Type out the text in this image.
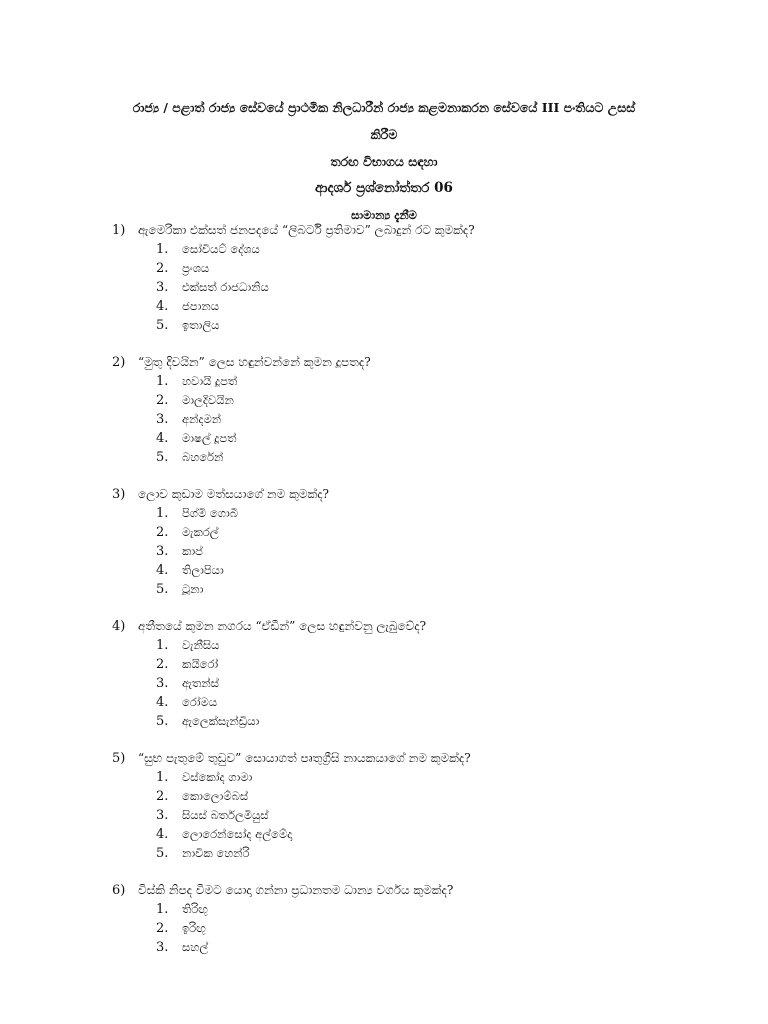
රාජ්‍ය / පළාත් රාජ්‍ය සේවයේ ප්‍රාථමික නිලධාරීන් රාජ්‍ය කළමනාකරන සේවයේ III පංතියට උසස්
කිරීම
තරඟ විභාගය සඳහා
ආදර්ශ ප්‍රශ්නෝත්තර 06
සාමාන්‍ය දැනීම
1)	ඇමෙරිකා එක්සත් ජනපදයේ “ලිබර්ටි ප්‍රතිමාව” ලබාදුන් රට කුමක්ද?
1.	සෝවියට් දේශය
2.	ප්‍රංශය
3.	එක්සත් රාජධානිය
4.	ජපානය
5.	ඉතාලිය
2)	“මුතු දිවයින” ලෙස හඳුන්වන්නේ කුමන දූපතද?
1.	හවායි දූපත්
2.	මාලදිවයින
3.	අන්දමන්
4.	මාෂල් දූපත්
5.	බහරේන්
3)	ලොව කුඩාම මත්සයාගේ නම කුමක්ද?
1.	පිග්මි ගොබී
2.	මැකරල්
3.	කාප්
4.	තිලාපියා
5.	ටූනා
4)	අතීතයේ කුමන නගරය “ඒඩීන්” ලෙස හඳුන්වනු ලැබුවේද?
1.	වැනීසිය
2.	කයිරෝ
3.	ඇතන්ස්
4.	රෝමය
5.	ඇලෙක්සැන්ඩ්‍රියා
5)	“සුභ පැතුමේ තුඩුව” සොයාගත් පෘතුග්‍රීසි නායකයාගේ නම කුමක්ද?
1.	වස්කෝද ගාමා
2.	කොලොම්බස්
3.	සියස් බර්තලමියුස්
4.	ලොරෙන්සෝද අල්මේදා
5.	නාවික හෙන්රි
6)	විස්කි නිපද වීමට යොදා ගන්නා ප්‍රධානතම ධාන්‍ය වර්ගය කුමක්ද?
1.	තිරිඟු
2.	ඉරිඟු
3.	සහල්
